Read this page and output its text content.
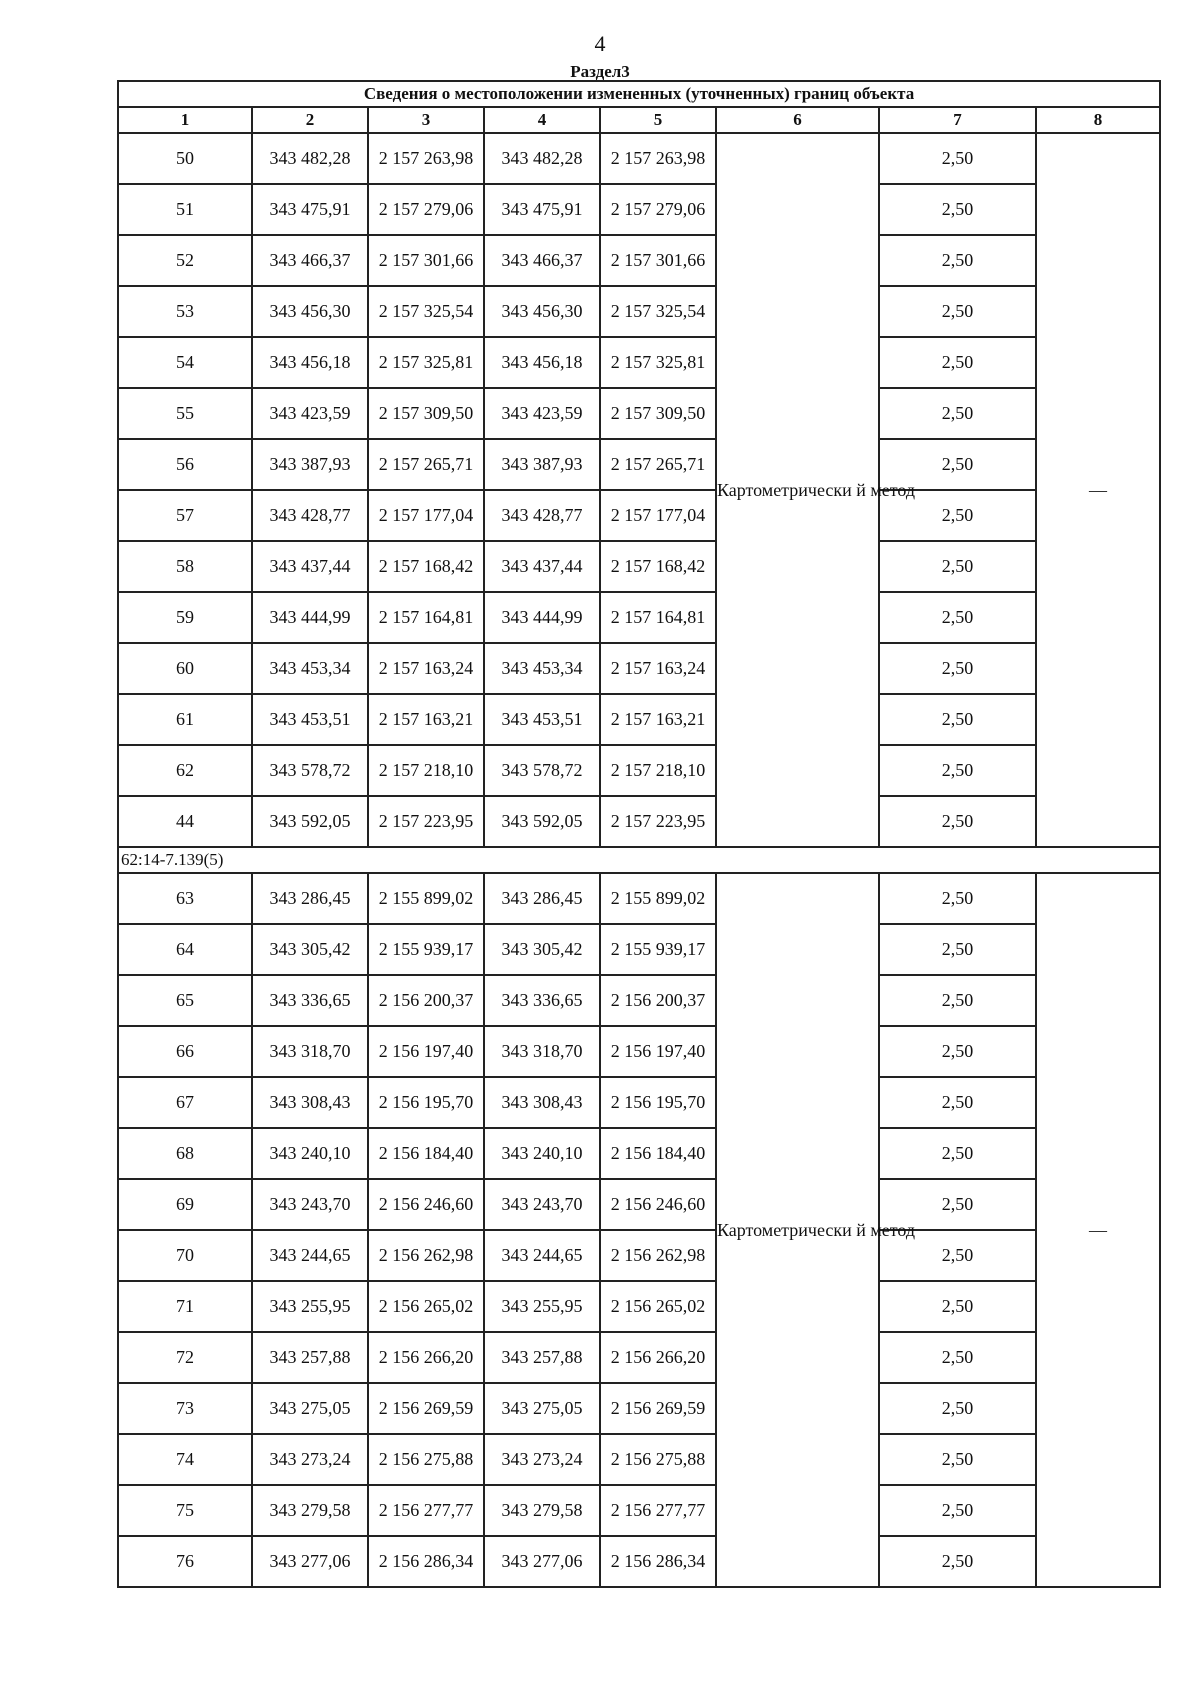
4
Раздел3
Сведения о местоположении измененных (уточненных) границ объекта							
1	2	3	4	5	6	7	8
50	343 482,28	2 157 263,98	343 482,28	2 157 263,98	Картометрически й метод	2,50	—
51	343 475,91	2 157 279,06	343 475,91	2 157 279,06		2,50	
52	343 466,37	2 157 301,66	343 466,37	2 157 301,66		2,50	
53	343 456,30	2 157 325,54	343 456,30	2 157 325,54		2,50	
54	343 456,18	2 157 325,81	343 456,18	2 157 325,81		2,50	
55	343 423,59	2 157 309,50	343 423,59	2 157 309,50		2,50	
56	343 387,93	2 157 265,71	343 387,93	2 157 265,71		2,50	
57	343 428,77	2 157 177,04	343 428,77	2 157 177,04		2,50	
58	343 437,44	2 157 168,42	343 437,44	2 157 168,42		2,50	
59	343 444,99	2 157 164,81	343 444,99	2 157 164,81		2,50	
60	343 453,34	2 157 163,24	343 453,34	2 157 163,24		2,50	
61	343 453,51	2 157 163,21	343 453,51	2 157 163,21		2,50	
62	343 578,72	2 157 218,10	343 578,72	2 157 218,10		2,50	
44	343 592,05	2 157 223,95	343 592,05	2 157 223,95		2,50	
62:14-7.139(5)							
63	343 286,45	2 155 899,02	343 286,45	2 155 899,02	Картометрически й метод	2,50	—
64	343 305,42	2 155 939,17	343 305,42	2 155 939,17		2,50	
65	343 336,65	2 156 200,37	343 336,65	2 156 200,37		2,50	
66	343 318,70	2 156 197,40	343 318,70	2 156 197,40		2,50	
67	343 308,43	2 156 195,70	343 308,43	2 156 195,70		2,50	
68	343 240,10	2 156 184,40	343 240,10	2 156 184,40		2,50	
69	343 243,70	2 156 246,60	343 243,70	2 156 246,60		2,50	
70	343 244,65	2 156 262,98	343 244,65	2 156 262,98		2,50	
71	343 255,95	2 156 265,02	343 255,95	2 156 265,02		2,50	
72	343 257,88	2 156 266,20	343 257,88	2 156 266,20		2,50	
73	343 275,05	2 156 269,59	343 275,05	2 156 269,59		2,50	
74	343 273,24	2 156 275,88	343 273,24	2 156 275,88		2,50	
75	343 279,58	2 156 277,77	343 279,58	2 156 277,77		2,50	
76	343 277,06	2 156 286,34	343 277,06	2 156 286,34		2,50	
